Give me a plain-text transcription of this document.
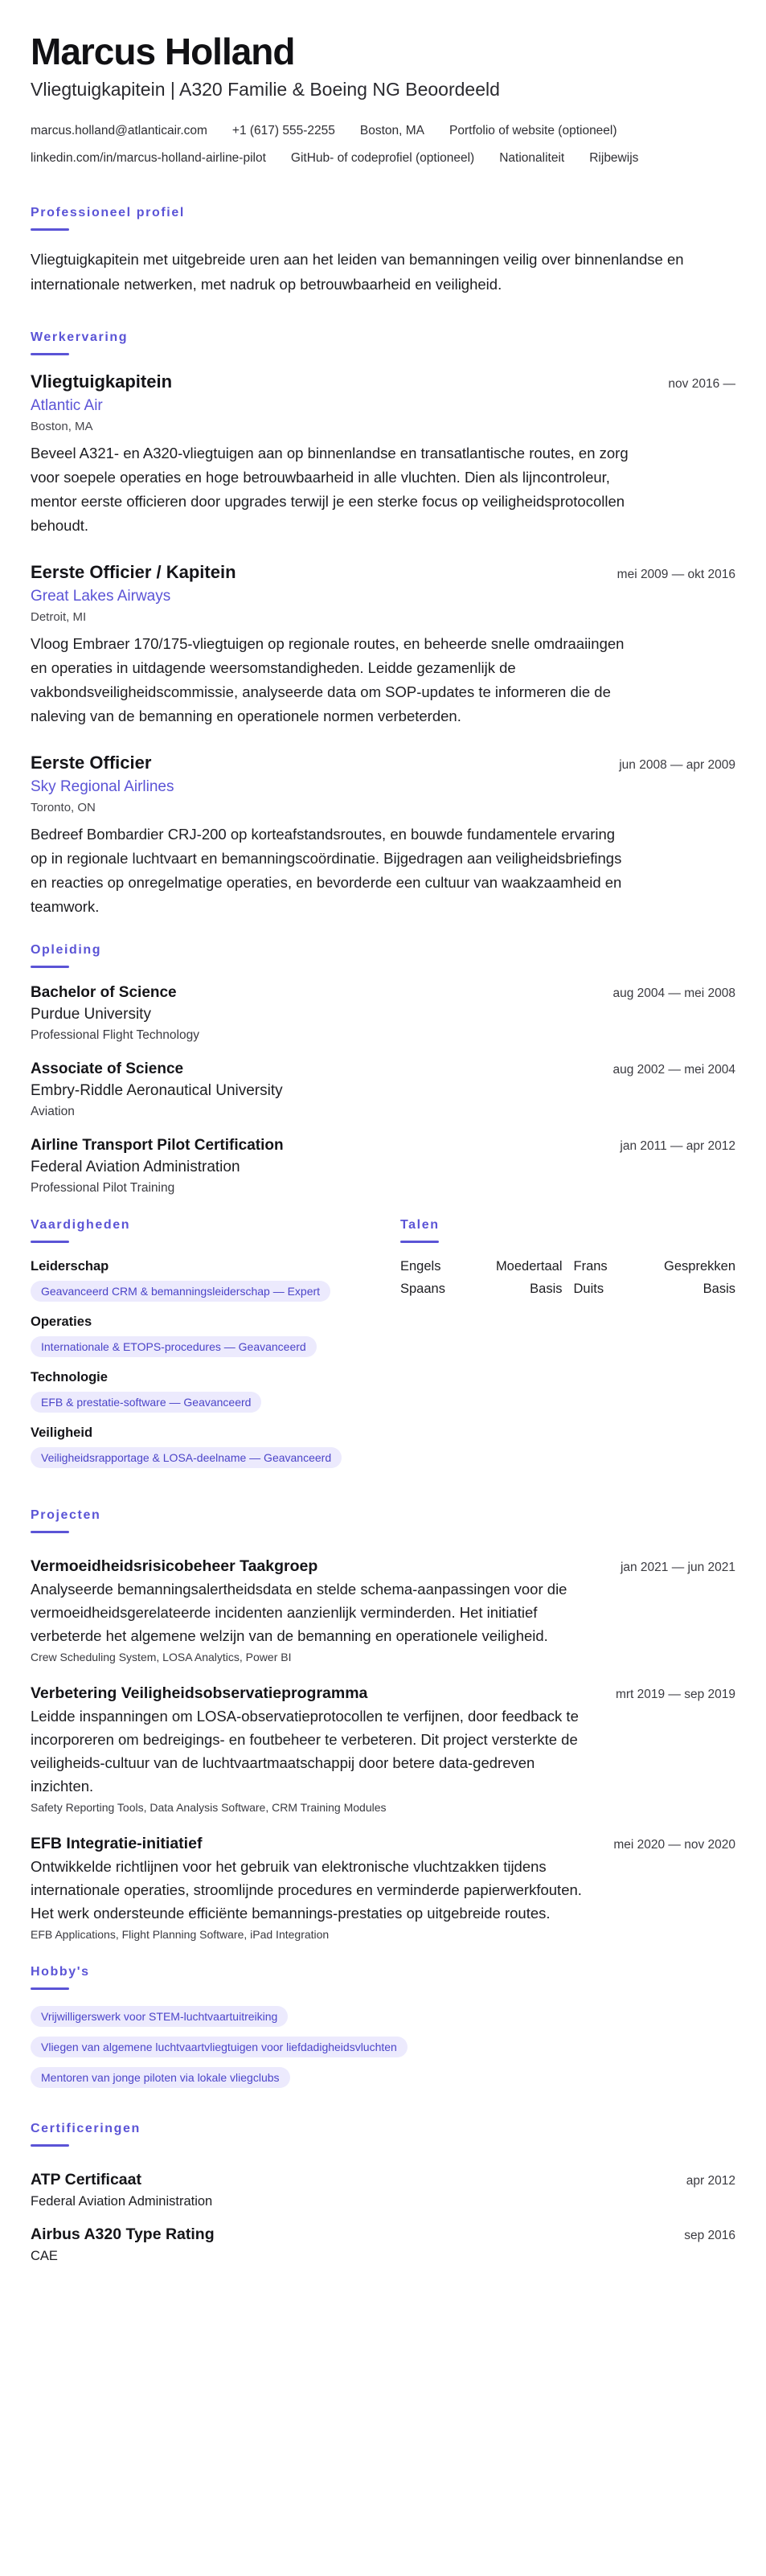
Marcus Holland
Vliegtuigkapitein | A320 Familie & Boeing NG Beoordeeld
marcus.holland@atlanticair.com +1 (617) 555-2255 Boston, MA Portfolio of website (optioneel)
linkedin.com/in/marcus-holland-airline-pilot GitHub- of codeprofiel (optioneel) Nationaliteit Rijbewijs
Professioneel profiel

Vliegtuigkapitein met uitgebreide uren aan het leiden van bemanningen veilig over binnenlandse en internationale netwerken, met nadruk op betrouwbaarheid en veiligheid.

Werkervaring
Vliegtuigkapitein	nov 2016 —
Atlantic Air
Boston, MA

Beveel A321- en A320-vliegtuigen aan op binnenlandse en transatlantische routes, en zorg voor soepele operaties en hoge betrouwbaarheid in alle vluchten. Dien als lijncontroleur, mentor eerste officieren door upgrades terwijl je een sterke focus op veiligheidsprotocollen behoudt.

Eerste Officier / Kapitein	mei 2009 — okt 2016
Great Lakes Airways
Detroit, MI

Vloog Embraer 170/175-vliegtuigen op regionale routes, en beheerde snelle omdraaiingen en operaties in uitdagende weersomstandigheden. Leidde gezamenlijk de vakbondsveiligheidscommissie, analyseerde data om SOP-updates te informeren die de naleving van de bemanning en operationele normen verbeterden.

Eerste Officier	jun 2008 — apr 2009
Sky Regional Airlines
Toronto, ON

Bedreef Bombardier CRJ-200 op korteafstandsroutes, en bouwde fundamentele ervaring op in regionale luchtvaart en bemanningscoördinatie. Bijgedragen aan veiligheidsbriefings en reacties op onregelmatige operaties, en bevorderde een cultuur van waakzaamheid en teamwork.

Opleiding
Bachelor of Science	aug 2004 — mei 2008
Purdue University
Professional Flight Technology
Associate of Science	aug 2002 — mei 2004
Embry-Riddle Aeronautical University
Aviation
Airline Transport Pilot Certification	jan 2011 — apr 2012
Federal Aviation Administration
Professional Pilot Training
Vaardigheden
Leiderschap
Geavanceerd CRM & bemanningsleiderschap — Expert
Operaties
Internationale & ETOPS-procedures — Geavanceerd
Technologie
EFB & prestatie-software — Geavanceerd
Veiligheid
Veiligheidsrapportage & LOSA-deelname — Geavanceerd
Talen
Engels	Moedertaal Frans	Gesprekken
Spaans	Basis Duits	Basis
Projecten
Vermoeidheidsrisicobeheer Taakgroep	jan 2021 — jun 2021

Analyseerde bemanningsalertheidsdata en stelde schema-aanpassingen voor die vermoeidheidsgerelateerde incidenten aanzienlijk verminderden. Het initiatief verbeterde het algemene welzijn van de bemanning en operationele veiligheid.

Crew Scheduling System, LOSA Analytics, Power BI
Verbetering Veiligheidsobservatieprogramma	mrt 2019 — sep 2019

Leidde inspanningen om LOSA-observatieprotocollen te verfijnen, door feedback te incorporeren om bedreigings- en foutbeheer te verbeteren. Dit project versterkte de veiligheids-cultuur van de luchtvaartmaatschappij door betere data-gedreven inzichten.

Safety Reporting Tools, Data Analysis Software, CRM Training Modules
EFB Integratie-initiatief	mei 2020 — nov 2020

Ontwikkelde richtlijnen voor het gebruik van elektronische vluchtzakken tijdens internationale operaties, stroomlijnde procedures en verminderde papierwerkfouten. Het werk ondersteunde efficiënte bemannings-prestaties op uitgebreide routes.

EFB Applications, Flight Planning Software, iPad Integration
Hobby's
Vrijwilligerswerk voor STEM-luchtvaartuitreiking
Vliegen van algemene luchtvaartvliegtuigen voor liefdadigheidsvluchten
Mentoren van jonge piloten via lokale vliegclubs
Certificeringen
ATP Certificaat	apr 2012
Federal Aviation Administration
Airbus A320 Type Rating	sep 2016
CAE
